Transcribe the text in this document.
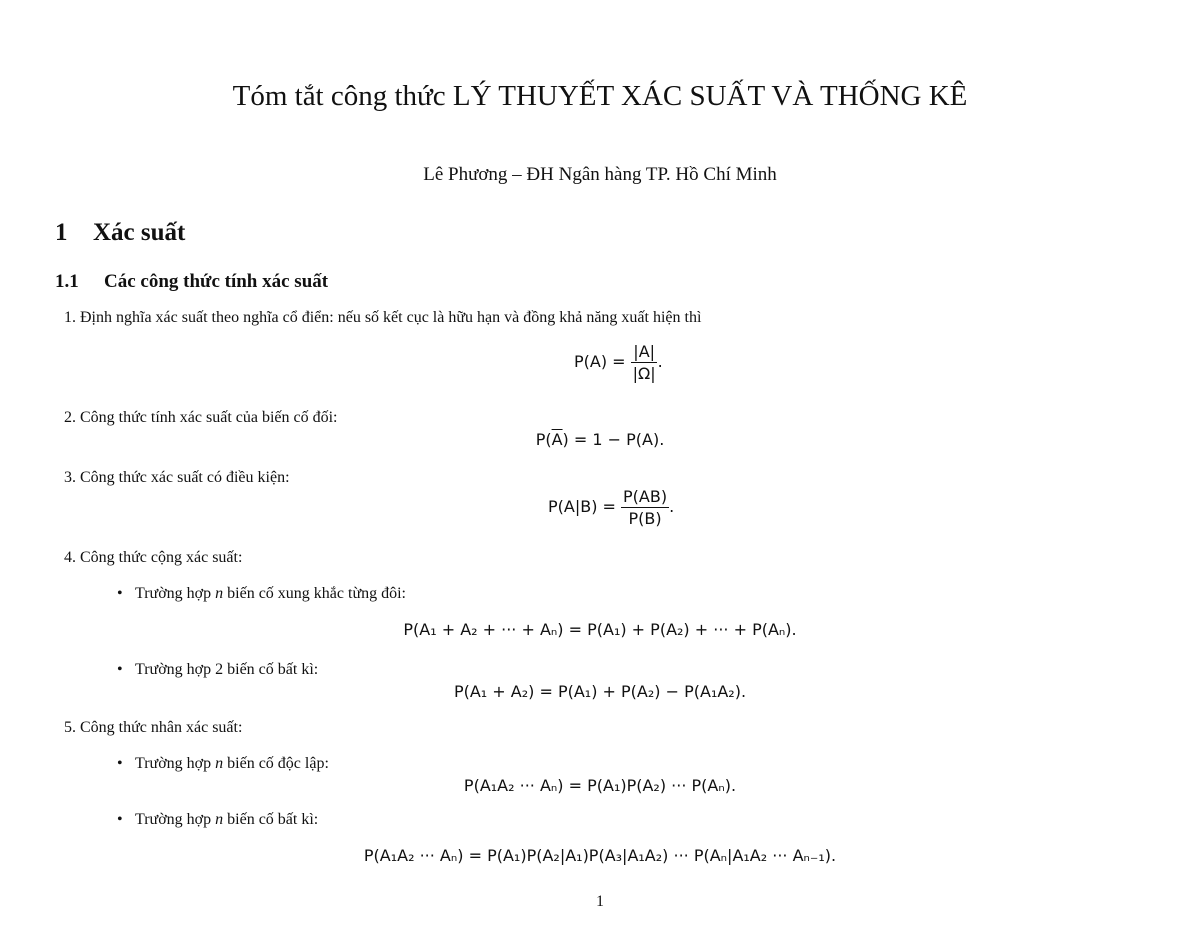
Tóm tắt công thức LÝ THUYẾT XÁC SUẤT VÀ THỐNG KÊ
Lê Phương – ĐH Ngân hàng TP. Hồ Chí Minh
1 Xác suất
1.1 Các công thức tính xác suất
1. Định nghĩa xác suất theo nghĩa cổ điển: nếu số kết cục là hữu hạn và đồng khả năng xuất hiện thì
$P(A) = \frac{|A|}{|\Omega|}$ .
2. Công thức tính xác suất của biến cố đối:
$P(\overline{A}) = 1 - P(A)$.
3. Công thức xác suất có điều kiện:
$P(A|B) = \frac{P(AB)}{P(B)}$ .
4. Công thức cộng xác suất:
• Trường hợp n biến cố xung khắc từng đôi:
P(A₁ + A₂ + ··· + Aₙ) = P(A₁) + P(A₂) + ··· + P(Aₙ).
• Trường hợp 2 biến cố bất kì:
P(A₁ + A₂) = P(A₁) + P(A₂) − P(A₁A₂).
5. Công thức nhân xác suất:
• Trường hợp n biến cố độc lập:
P(A₁A₂ ··· Aₙ) = P(A₁)P(A₂) ··· P(Aₙ).
• Trường hợp n biến cố bất kì:
P(A₁A₂ ··· Aₙ) = P(A₁)P(A₂|A₁)P(A₃|A₁A₂) ··· P(Aₙ|A₁A₂ ··· Aₙ₋₁).
1
